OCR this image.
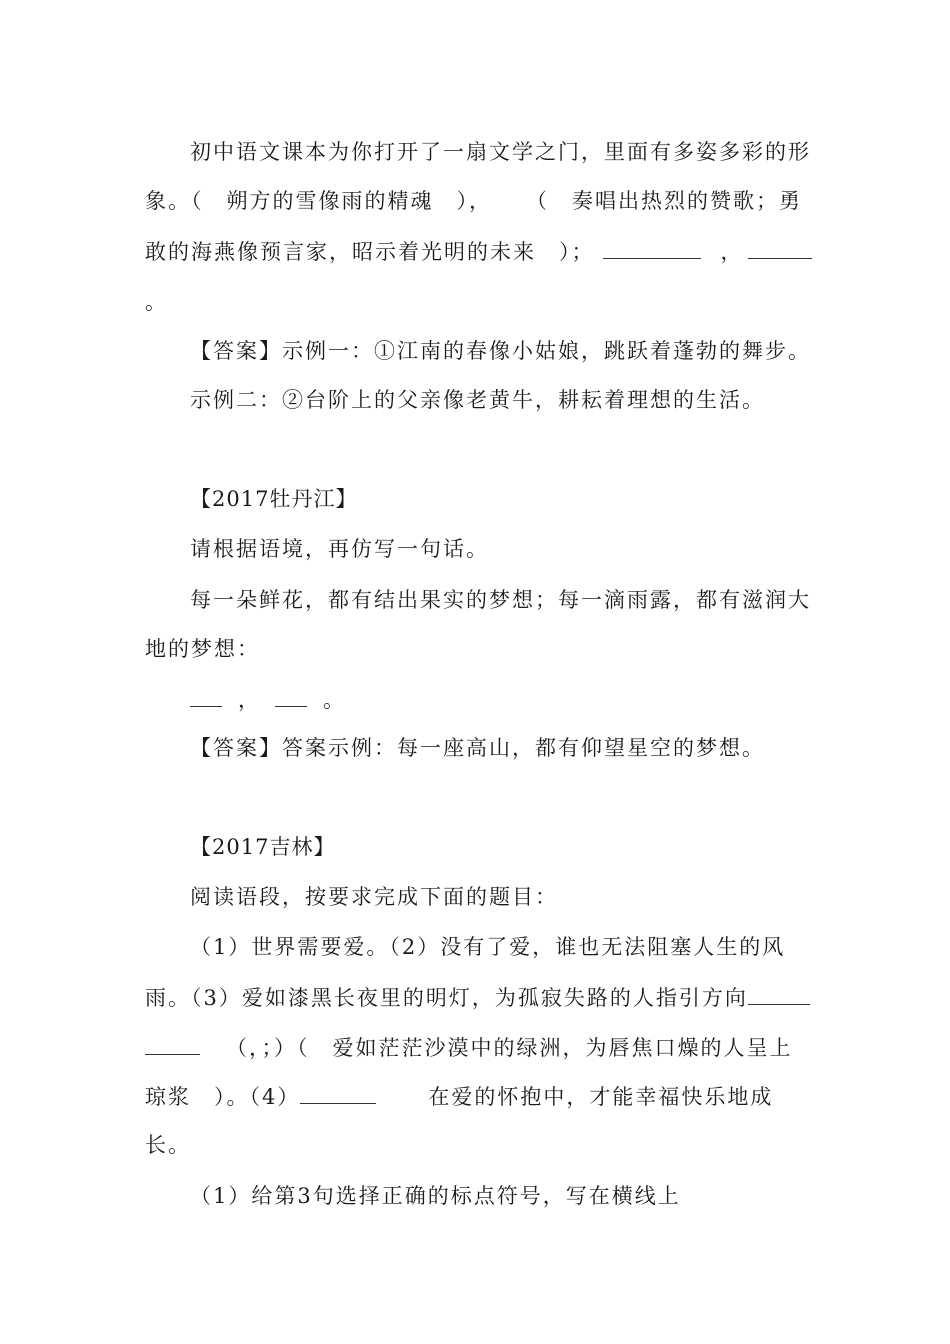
初中语文课本为你打开了一扇文学之门，里面有多姿多彩的形
象。（　朔方的雪像雨的精魂　）， （　奏唱出热烈的赞歌；勇
敢的海燕像预言家，昭示着光明的未来　）；	，
。
【答案】示例一：①江南的春像小姑娘，跳跃着蓬勃的舞步。
示例二：②台阶上的父亲像老黄牛，耕耘着理想的生活。
【2017牡丹江】
请根据语境，再仿写一句话。
每一朵鲜花，都有结出果实的梦想；每一滴雨露，都有滋润大
地的梦想：
，	。
【答案】答案示例：每一座高山，都有仰望星空的梦想。
【2017吉林】
阅读语段，按要求完成下面的题目：
（1）世界需要爱。（2）没有了爱，谁也无法阻塞人生的风
雨。（3）爱如漆黑长夜里的明灯，为孤寂失路的人指引方向
（，；）（　爱如茫茫沙漠中的绿洲，为唇焦口燥的人呈上
琼浆　）。（4）	在爱的怀抱中，才能幸福快乐地成
长。
（1）给第3句选择正确的标点符号，写在横线上
